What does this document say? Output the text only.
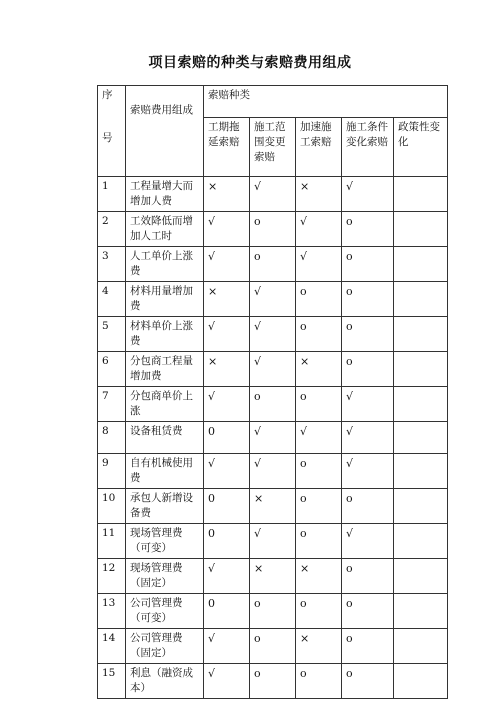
项目索赔的种类与索赔费用组成
序
号	索赔费用组成	索赔种类				
		工期拖延索赔	施工范围变更索赔	加速施工索赔	施工条件变化索赔	政策性变化
1	工程量增大而增加人费	×	√	×	√	
2	工效降低而增加人工时	√	o	√	o	
3	人工单价上涨费	√	o	√	o	
4	材料用量增加费	×	√	o	o	
5	材料单价上涨费	√	√	o	o	
6	分包商工程量增加费	×	√	×	o	
7	分包商单价上涨	√	o	o	√	
8	设备租赁费	0	√	√	√	
9	自有机械使用费	√	√	o	√	
10	承包人新增设备费	0	×	o	o	
11	现场管理费（可变）	0	√	o	√	
12	现场管理费（固定）	√	×	×	o	
13	公司管理费（可变）	0	o	o	o	
14	公司管理费（固定）	√	o	×	o	
15	利息（融资成本）	√	o	o	o	
